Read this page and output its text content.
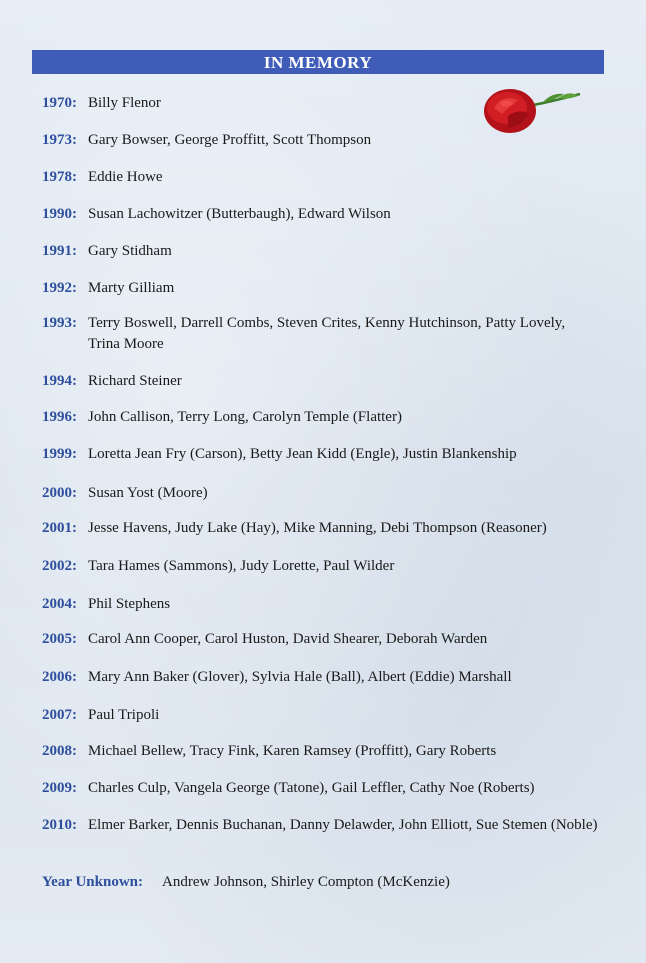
IN MEMORY
1970: Billy Flenor
1973: Gary Bowser, George Proffitt, Scott Thompson
1978: Eddie Howe
1990: Susan Lachowitzer (Butterbaugh), Edward Wilson
1991: Gary Stidham
1992: Marty Gilliam
1993: Terry Boswell, Darrell Combs, Steven Crites, Kenny Hutchinson, Patty Lovely, Trina Moore
1994: Richard Steiner
1996: John Callison, Terry Long, Carolyn Temple (Flatter)
1999: Loretta Jean Fry (Carson), Betty Jean Kidd (Engle), Justin Blankenship
2000: Susan Yost (Moore)
2001: Jesse Havens, Judy Lake (Hay), Mike Manning, Debi Thompson (Reasoner)
2002: Tara Hames (Sammons), Judy Lorette, Paul Wilder
2004: Phil Stephens
2005: Carol Ann Cooper, Carol Huston, David Shearer, Deborah Warden
2006: Mary Ann Baker (Glover), Sylvia Hale (Ball), Albert (Eddie) Marshall
2007: Paul Tripoli
2008: Michael Bellew, Tracy Fink, Karen Ramsey (Proffitt), Gary Roberts
2009: Charles Culp, Vangela George (Tatone), Gail Leffler, Cathy Noe (Roberts)
2010: Elmer Barker, Dennis Buchanan, Danny Delawder, John Elliott, Sue Stemen (Noble)
Year Unknown: Andrew Johnson, Shirley Compton (McKenzie)
